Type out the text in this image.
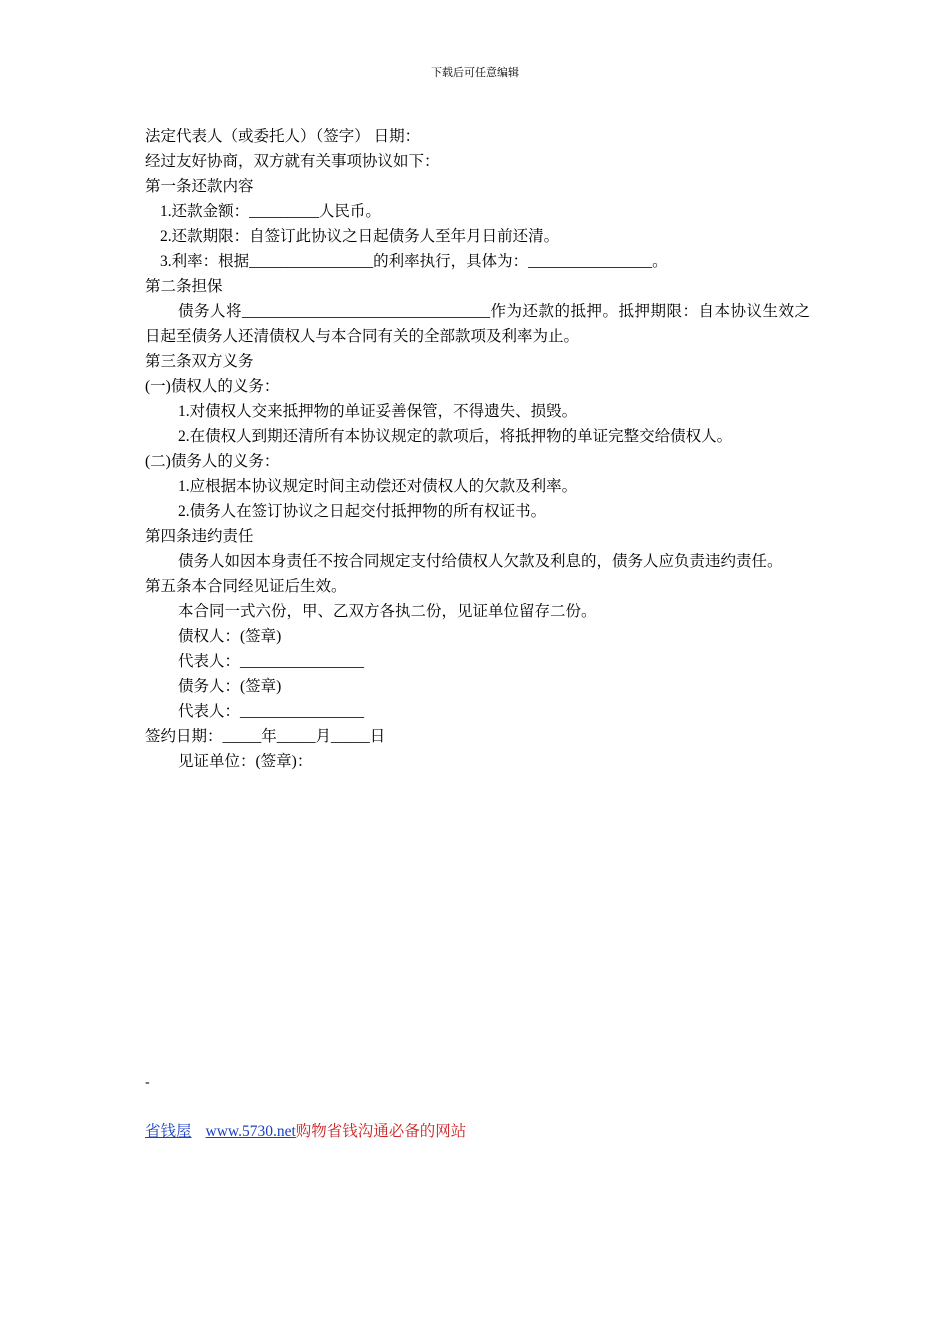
下载后可任意编辑
法定代表人（或委托人）（签字） 日期：
经过友好协商，双方就有关事项协议如下：
第一条还款内容
1.还款金额：_________人民币。
2.还款期限：自签订此协议之日起债务人至年月日前还清。
3.利率：根据________________的利率执行，具体为：________________。
第二条担保
债务人将________________________________作为还款的抵押。抵押期限：自本协议生效之日起至债务人还清债权人与本合同有关的全部款项及利率为止。
第三条双方义务
(一)债权人的义务：
1.对债权人交来抵押物的单证妥善保管，不得遗失、损毁。
2.在债权人到期还清所有本协议规定的款项后，将抵押物的单证完整交给债权人。
(二)债务人的义务：
1.应根据本协议规定时间主动偿还对债权人的欠款及利率。
2.债务人在签订协议之日起交付抵押物的所有权证书。
第四条违约责任
债务人如因本身责任不按合同规定支付给债权人欠款及利息的，债务人应负责违约责任。
第五条本合同经见证后生效。
本合同一式六份，甲、乙双方各执二份，见证单位留存二份。
债权人：(签章)
代表人：________________
债务人：(签章)
代表人：________________
签约日期：_____年_____月_____日
见证单位：(签章)：
-
省钱屋 www.5730.net购物省钱沟通必备的网站
